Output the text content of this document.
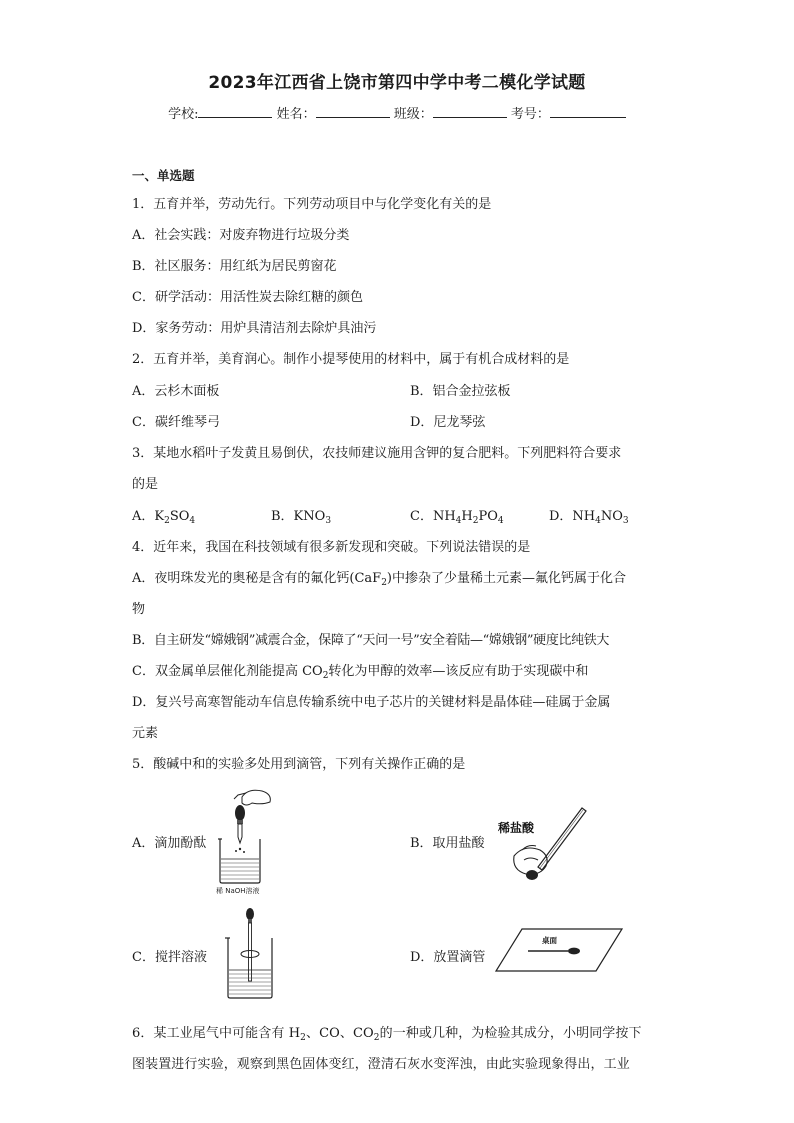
2023年江西省上饶市第四中学中考二模化学试题
学校:	姓名：	班级：	考号：
一、单选题
1．五育并举，劳动先行。下列劳动项目中与化学变化有关的是
A．社会实践：对废弃物进行垃圾分类
B．社区服务：用红纸为居民剪窗花
C．研学活动：用活性炭去除红糖的颜色
D．家务劳动：用炉具清洁剂去除炉具油污
2．五育并举，美育润心。制作小提琴使用的材料中，属于有机合成材料的是
A．云杉木面板	B．铝合金拉弦板
C．碳纤维琴弓	D．尼龙琴弦
3．某地水稻叶子发黄且易倒伏，农技师建议施用含钾的复合肥料。下列肥料符合要求
的是
A．$K_2SO_4$	B．$KNO_3$	C．$NH_4H_2PO_4$	D．$NH_4NO_3$
4．近年来，我国在科技领域有很多新发现和突破。下列说法错误的是
A．夜明珠发光的奥秘是含有的氟化钙(CaF$_2$)中掺杂了少量稀土元素—氟化钙属于化合
物
B．自主研发“嫦娥钢”减震合金，保障了“天问一号”安全着陆—“嫦娥钢”硬度比纯铁大
C．双金属单层催化剂能提高 $CO_2$转化为甲醇的效率—该反应有助于实现碳中和
D．复兴号高寒智能动车信息传输系统中电子芯片的关键材料是晶体硅—硅属于金属
元素
5．酸碱中和的实验多处用到滴管，下列有关操作正确的是
A．滴加酚酞
稀 NaOH溶液
B．取用盐酸
稀盐酸
C．搅拌溶液	D．放置滴管
桌面
6．某工业尾气中可能含有 $H_2$、CO、$CO_2$的一种或几种，为检验其成分，小明同学按下
图装置进行实验，观察到黑色固体变红，澄清石灰水变浑浊，由此实验现象得出，工业
